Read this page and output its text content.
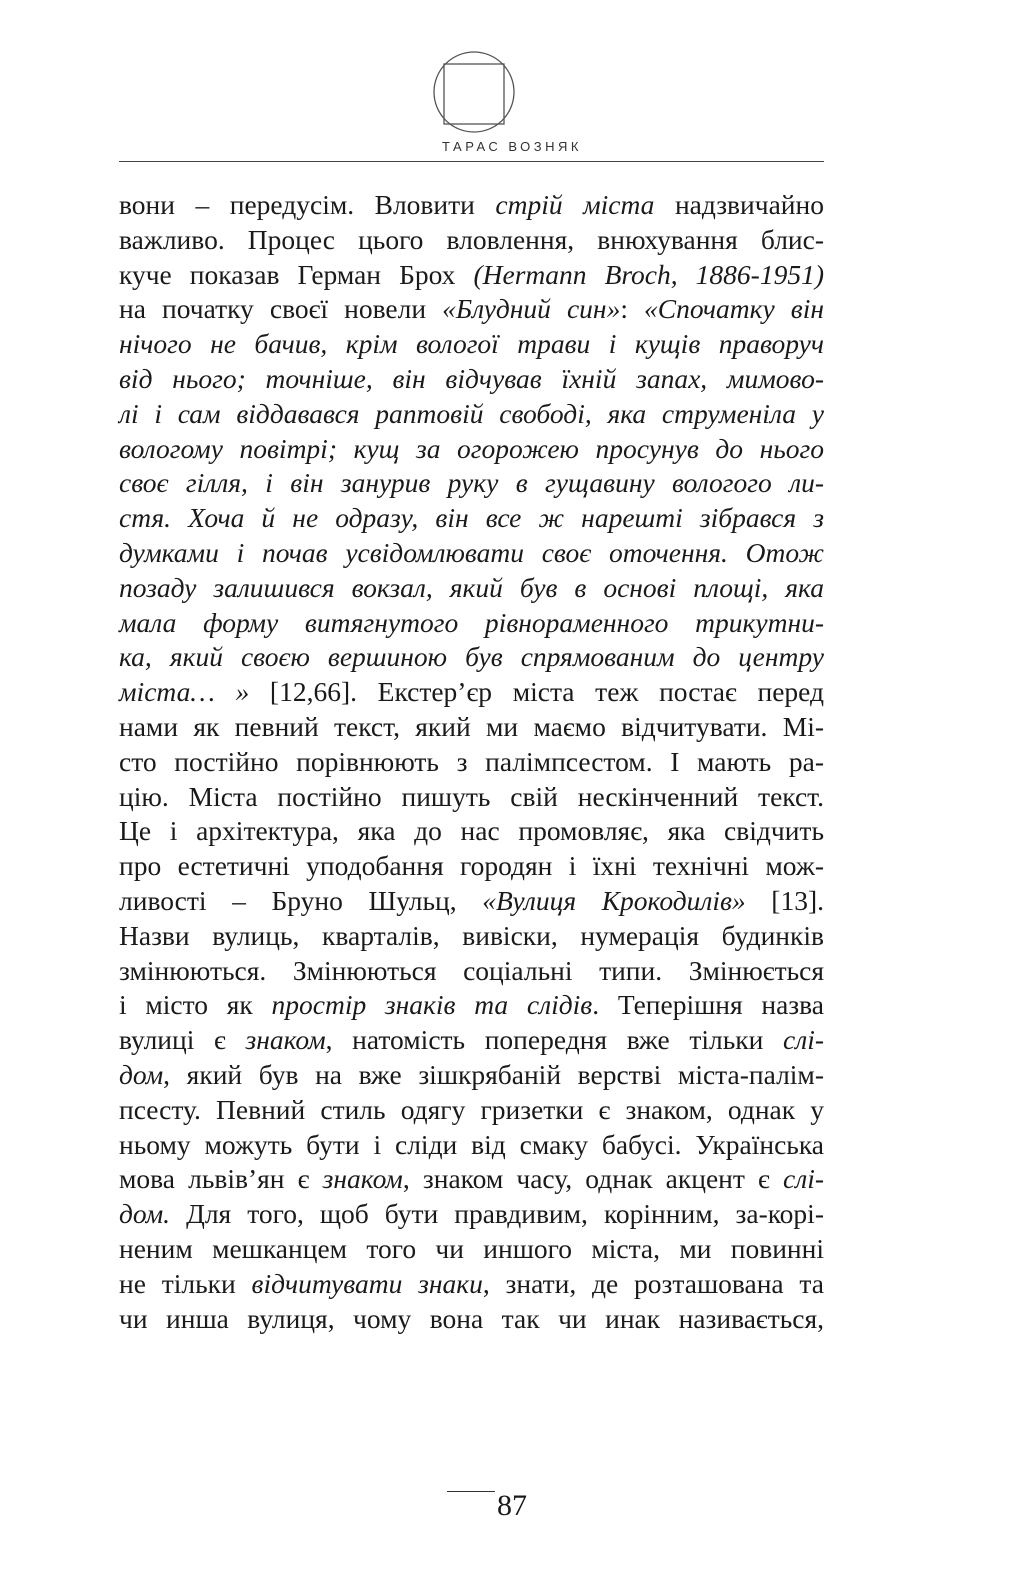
ТАРАС ВОЗНЯК
вони – передусім. Вловити стрій міста надзвичайно
важливо. Процес цього вловлення, внюхування блис-
куче показав Герман Брох (Hermann Broch, 1886-1951)
на початку своєї новели «Блудний син»: «Спочатку він
нічого не бачив, крім вологої трави і кущів праворуч
від нього; точніше, він відчував їхній запах, мимово-
лі і сам віддавався раптовій свободі, яка струменіла у
вологому повітрі; кущ за огорожею просунув до нього
своє гілля, і він занурив руку в гущавину вологого ли-
стя. Хоча й не одразу, він все ж нарешті зібрався з
думками і почав усвідомлювати своє оточення. Отож
позаду залишився вокзал, який був в основі площі, яка
мала форму витягнутого рівнораменного трикутни-
ка, який своєю вершиною був спрямованим до центру
міста… » [12,66]. Екстер’єр міста теж постає перед
нами як певний текст, який ми маємо відчитувати. Мі-
сто постійно порівнюють з палімпсестом. І мають ра-
цію. Міста постійно пишуть свій нескінченний текст.
Це і архітектура, яка до нас промовляє, яка свідчить
про естетичні уподобання городян і їхні технічні мож-
ливості – Бруно Шульц, «Вулиця Крокодилів» [13].
Назви вулиць, кварталів, вивіски, нумерація будинків
змінюються. Змінюються соціальні типи. Змінюється
і місто як простір знаків та слідів. Теперішня назва
вулиці є знаком, натомість попередня вже тільки слі-
дом, який був на вже зішкрябаній верстві міста-палім-
псесту. Певний стиль одягу гризетки є знаком, однак у
ньому можуть бути і сліди від смаку бабусі. Українська
мова львів’ян є знаком, знаком часу, однак акцент є слі-
дом. Для того, щоб бути правдивим, корінним, за-корі-
неним мешканцем того чи иншого міста, ми повинні
не тільки відчитувати знаки, знати, де розташована та
чи инша вулиця, чому вона так чи инак називається,
87
